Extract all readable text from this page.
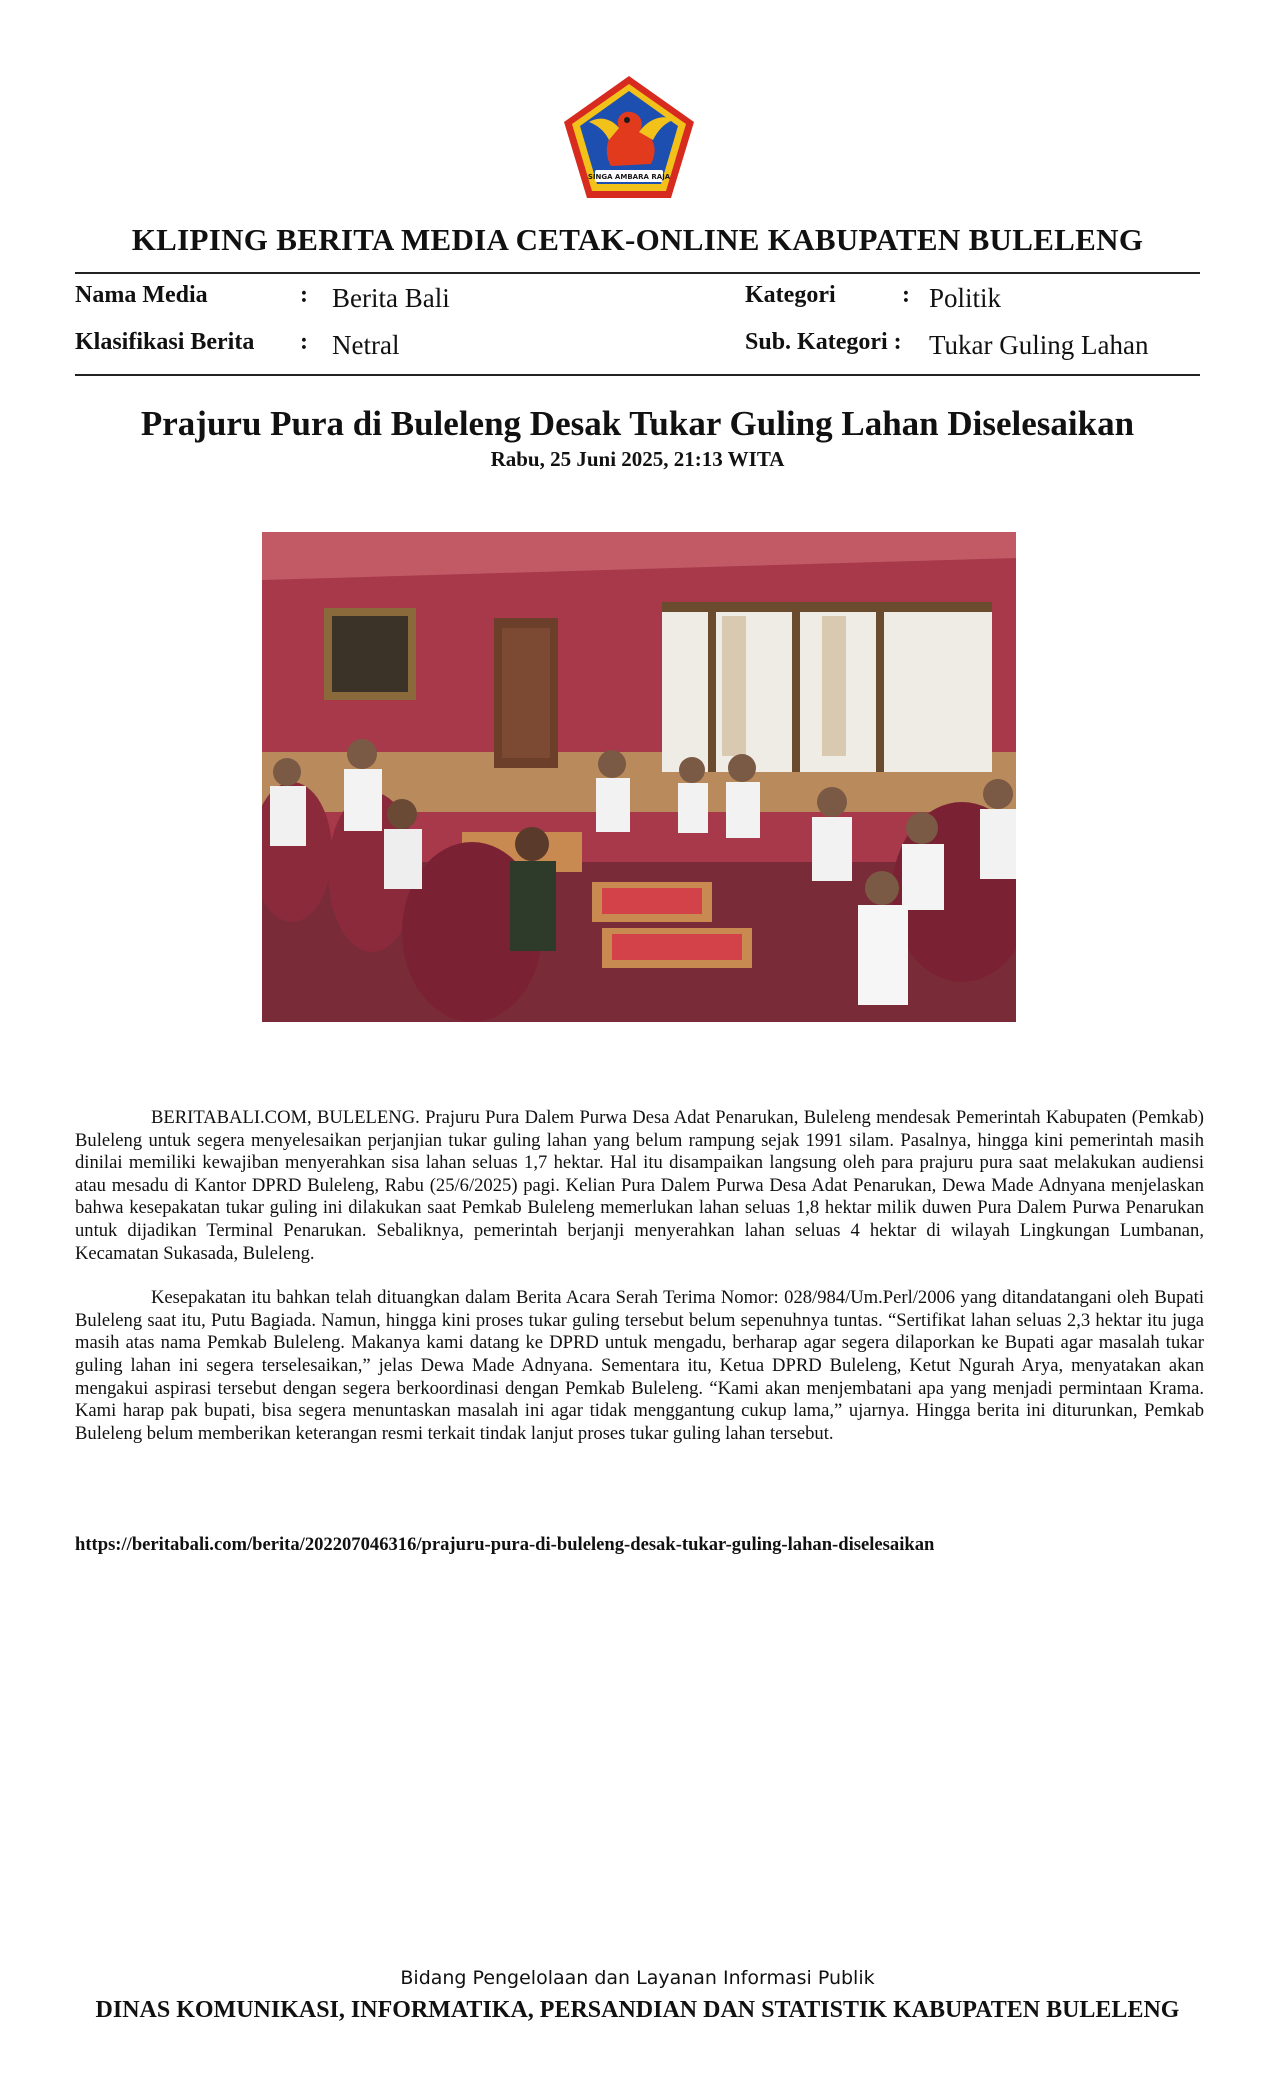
SINGA AMBARA RAJA
KLIPING BERITA MEDIA CETAK-ONLINE KABUPATEN BULELENG
Nama Media	: Berita Bali	Kategori	: Politik
Klasifikasi Berita : Netral	Sub. Kategori : Tukar Guling Lahan
Prajuru Pura di Buleleng Desak Tukar Guling Lahan Diselesaikan
Rabu, 25 Juni 2025, 21:13 WITA

BERITABALI.COM, BULELENG. Prajuru Pura Dalem Purwa Desa Adat Penarukan, Buleleng mendesak Pemerintah Kabupaten (Pemkab) Buleleng untuk segera menyelesaikan perjanjian tukar guling lahan yang belum rampung sejak 1991 silam. Pasalnya, hingga kini pemerintah masih dinilai memiliki kewajiban menyerahkan sisa lahan seluas 1,7 hektar. Hal itu disampaikan langsung oleh para prajuru pura saat melakukan audiensi atau mesadu di Kantor DPRD Buleleng, Rabu (25/6/2025) pagi. Kelian Pura Dalem Purwa Desa Adat Penarukan, Dewa Made Adnyana menjelaskan bahwa kesepakatan tukar guling ini dilakukan saat Pemkab Buleleng memerlukan lahan seluas 1,8 hektar milik duwen Pura Dalem Purwa Penarukan untuk dijadikan Terminal Penarukan. Sebaliknya, pemerintah berjanji menyerahkan lahan seluas 4 hektar di wilayah Lingkungan Lumbanan, Kecamatan Sukasada, Buleleng.

Kesepakatan itu bahkan telah dituangkan dalam Berita Acara Serah Terima Nomor: 028/984/Um.Perl/2006 yang ditandatangani oleh Bupati Buleleng saat itu, Putu Bagiada. Namun, hingga kini proses tukar guling tersebut belum sepenuhnya tuntas. “Sertifikat lahan seluas 2,3 hektar itu juga masih atas nama Pemkab Buleleng. Makanya kami datang ke DPRD untuk mengadu, berharap agar segera dilaporkan ke Bupati agar masalah tukar guling lahan ini segera terselesaikan,” jelas Dewa Made Adnyana. Sementara itu, Ketua DPRD Buleleng, Ketut Ngurah Arya, menyatakan akan mengakui aspirasi tersebut dengan segera berkoordinasi dengan Pemkab Buleleng. “Kami akan menjembatani apa yang menjadi permintaan Krama. Kami harap pak bupati, bisa segera menuntaskan masalah ini agar tidak menggantung cukup lama,” ujarnya. Hingga berita ini diturunkan, Pemkab Buleleng belum memberikan keterangan resmi terkait tindak lanjut proses tukar guling lahan tersebut.

https://beritabali.com/berita/202207046316/prajuru-pura-di-buleleng-desak-tukar-guling-lahan-diselesaikan
Bidang Pengelolaan dan Layanan Informasi Publik
DINAS KOMUNIKASI, INFORMATIKA, PERSANDIAN DAN STATISTIK KABUPATEN BULELENG
